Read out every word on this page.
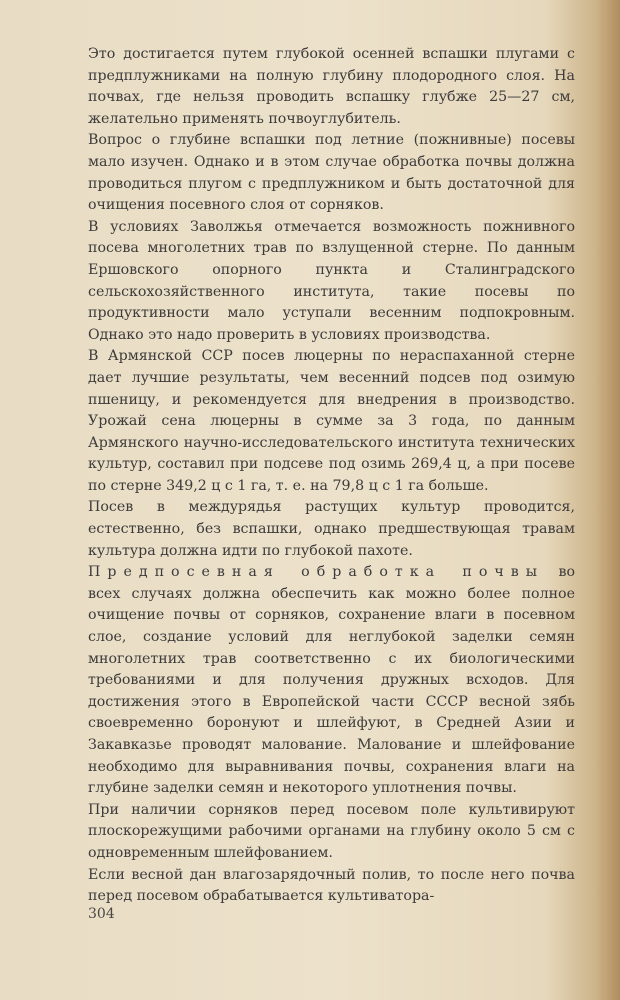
Это достигается путем глубокой осенней вспашки плугами с предплужниками на полную глубину плодородного слоя. На почвах, где нельзя проводить вспашку глубже 25—27 см, желательно применять почвоуглубитель.

Вопрос о глубине вспашки под летние (пожнивные) посевы мало изучен. Однако и в этом случае обработка почвы должна проводиться плугом с предплужником и быть достаточной для очищения посевного слоя от сорняков.

В условиях Заволжья отмечается возможность пожнивного посева многолетних трав по взлущенной стерне. По данным Ершовского опорного пункта и Сталинградского сельскохозяйственного института, такие посевы по продуктивности мало уступали весенним подпокровным. Однако это надо проверить в условиях производства.

В Армянской ССР посев люцерны по нераспаханной стерне дает лучшие результаты, чем весенний подсев под озимую пшеницу, и рекомендуется для внедрения в производство. Урожай сена люцерны в сумме за 3 года, по данным Армянского научно-исследовательского института технических культур, составил при подсеве под озимь 269,4 ц, а при посеве по стерне 349,2 ц с 1 га, т. е. на 79,8 ц с 1 га больше.

Посев в междурядья растущих культур проводится, естественно, без вспашки, однако предшествующая травам культура должна идти по глубокой пахоте.

Предпосевная обработка почвы во всех случаях должна обеспечить как можно более полное очищение почвы от сорняков, сохранение влаги в посевном слое, создание условий для неглубокой заделки семян многолетних трав соответственно с их биологическими требованиями и для получения дружных всходов. Для достижения этого в Европейской части СССР весной зябь своевременно боронуют и шлейфуют, в Средней Азии и Закавказье проводят малование. Малование и шлейфование необходимо для выравнивания почвы, сохранения влаги на глубине заделки семян и некоторого уплотнения почвы.

При наличии сорняков перед посевом поле культивируют плоскорежущими рабочими органами на глубину около 5 см с одновременным шлейфованием.

Если весной дан влагозарядочный полив, то после него почва перед посевом обрабатывается культиватора-

304
